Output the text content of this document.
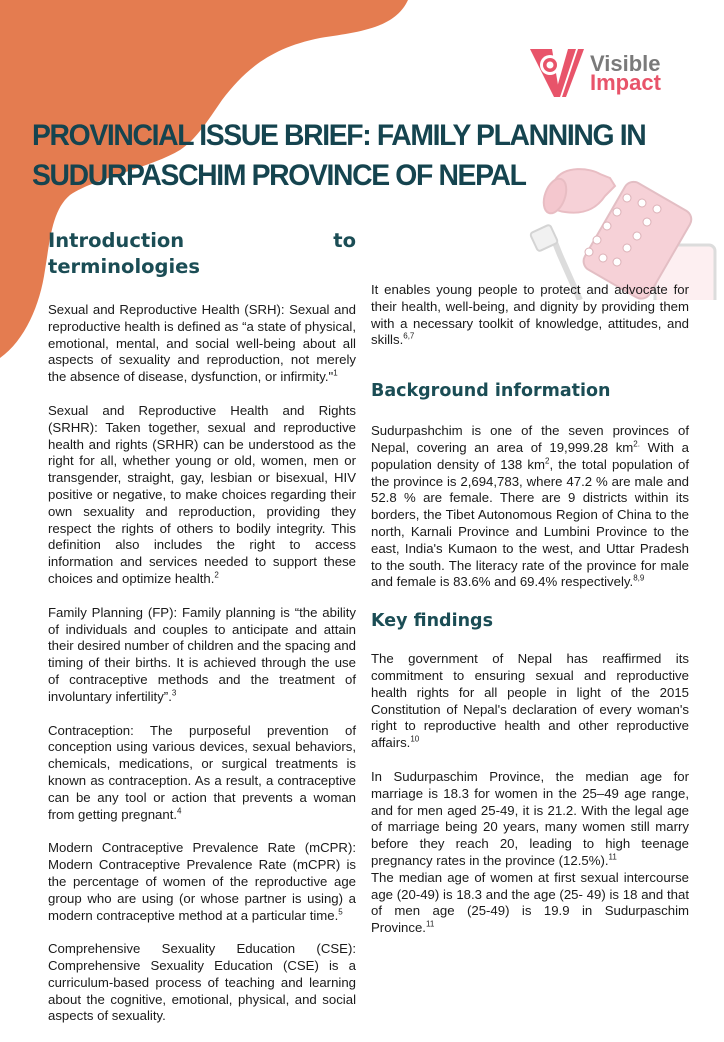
Visible
Impact
PROVINCIAL ISSUE BRIEF: FAMILY PLANNING IN
SUDURPASCHIM PROVINCE OF NEPAL
Introduction to terminologies

Sexual and Reproductive Health (SRH): Sexual and reproductive health is defined as “a state of physical, emotional, mental, and social well-being about all aspects of sexuality and reproduction, not merely the absence of disease, dysfunction, or infirmity."$^1$

Sexual and Reproductive Health and Rights (SRHR): Taken together, sexual and reproductive health and rights (SRHR) can be understood as the right for all, whether young or old, women, men or transgender, straight, gay, lesbian or bisexual, HIV positive or negative, to make choices regarding their own sexuality and reproduction, providing they respect the rights of others to bodily integrity. This definition also includes the right to access information and services needed to support these choices and optimize health.$^2$

Family Planning (FP): Family planning is “the ability of individuals and couples to anticipate and attain their desired number of children and the spacing and timing of their births. It is achieved through the use of contraceptive methods and the treatment of involuntary infertility”.$^3$

Contraception: The purposeful prevention of conception using various devices, sexual behaviors, chemicals, medications, or surgical treatments is known as contraception. As a result, a contraceptive can be any tool or action that prevents a woman from getting pregnant.$^4$

Modern Contraceptive Prevalence Rate (mCPR): Modern Contraceptive Prevalence Rate (mCPR) is the percentage of women of the reproductive age group who are using (or whose partner is using) a modern contraceptive method at a particular time.$^5$

Comprehensive Sexuality Education (CSE): Comprehensive Sexuality Education (CSE) is a curriculum-based process of teaching and learning about the cognitive, emotional, physical, and social aspects of sexuality.

It enables young people to protect and advocate for their health, well-being, and dignity by providing them with a necessary toolkit of knowledge, attitudes, and skills.$^{6,7}$

Background information

Sudurpashchim is one of the seven provinces of Nepal, covering an area of 19,999.28 $km^{2.}$ With a population density of 138 $km^2$, the total population of the province is 2,694,783, where 47.2 % are male and 52.8 % are female. There are 9 districts within its borders, the Tibet Autonomous Region of China to the north, Karnali Province and Lumbini Province to the east, India's Kumaon to the west, and Uttar Pradesh to the south. The literacy rate of the province for male and female is 83.6% and 69.4% respectively.$^{8,9}$

Key findings

The government of Nepal has reaffirmed its commitment to ensuring sexual and reproductive health rights for all people in light of the 2015 Constitution of Nepal's declaration of every woman's right to reproductive health and other reproductive affairs.$^{10}$

In Sudurpaschim Province, the median age for marriage is 18.3 for women in the 25–49 age range, and for men aged 25-49, it is 21.2. With the legal age of marriage being 20 years, many women still marry before they reach 20, leading to high teenage pregnancy rates in the province (12.5%).$^{11}$

The median age of women at first sexual intercourse age (20-49) is 18.3 and the age (25- 49) is 18 and that of men age (25-49) is 19.9 in Sudurpaschim Province.$^{11}$
